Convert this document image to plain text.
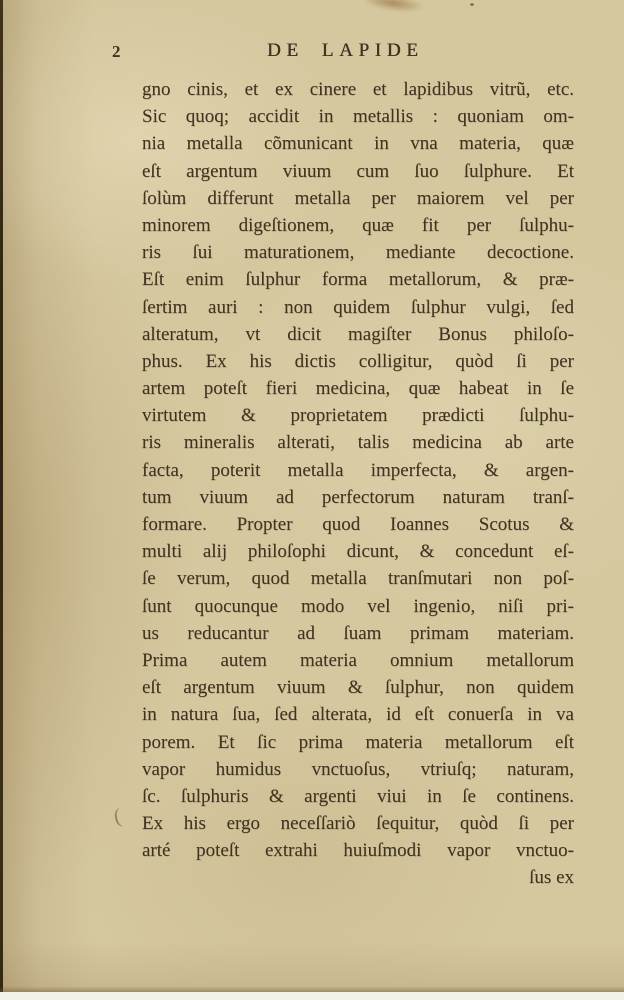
2	DE LAPIDE
gno cinis, et ex cinere et lapidibus vitrũ, etc.
Sic quoq; accidit in metallis : quoniam om-
nia metalla cõmunicant in vna materia, quæ
eſt argentum viuum cum ſuo ſulphure. Et
ſolùm differunt metalla per maiorem vel per
minorem digeſtionem, quæ fit per ſulphu-
ris ſui maturationem, mediante decoctione.
Eſt enim ſulphur forma metallorum, & præ-
ſertim auri : non quidem ſulphur vulgi, ſed
alteratum, vt dicit magiſter Bonus philoſo-
phus. Ex his dictis colligitur, quòd ſi per
artem poteſt fieri medicina, quæ habeat in ſe
virtutem & proprietatem prædicti ſulphu-
ris mineralis alterati, talis medicina ab arte
facta, poterit metalla imperfecta, & argen-
tum viuum ad perfectorum naturam tranſ-
formare. Propter quod Ioannes Scotus &
multi alij philoſophi dicunt, & concedunt eſ-
ſe verum, quod metalla tranſmutari non poſ-
ſunt quocunque modo vel ingenio, niſi pri-
us reducantur ad ſuam primam materiam.
Prima autem materia omnium metallorum
eſt argentum viuum & ſulphur, non quidem
in natura ſua, ſed alterata, id eſt conuerſa in va
porem. Et ſic prima materia metallorum eſt
vapor humidus vnctuoſus, vtriuſq; naturam,
ſc. ſulphuris & argenti viui in ſe continens.
Ex his ergo neceſſariò ſequitur, quòd ſi per
arté poteſt extrahi huiuſmodi vapor vnctuo-
ſus ex
(
